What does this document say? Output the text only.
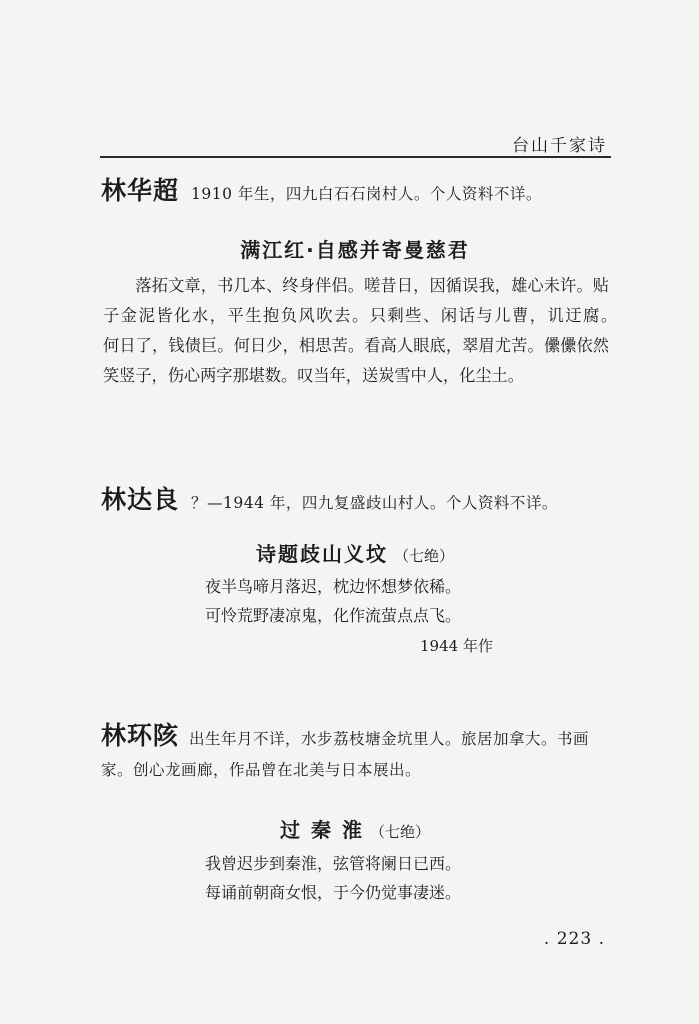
台山千家诗
林华超 1910 年生，四九白石石岗村人。个人资料不详。
满江红·自感并寄曼慈君

落拓文章，书几本、终身伴侣。嗟昔日，因循误我，雄心未许。贴子金泥皆化水，平生抱负风吹去。只剩些、闲话与儿曹，讥迂腐。　　何日了，钱债巨。何日少，相思苦。看高人眼底，翠眉尤苦。儽儽依然笑竖子，伤心两字那堪数。叹当年，送炭雪中人，化尘土。

林达良 ？—1944 年，四九复盛歧山村人。个人资料不详。
诗题歧山义坟 （七绝）
夜半鸟啼月落迟，枕边怀想梦依稀。
可怜荒野凄凉鬼，化作流萤点点飞。
1944 年作
林环陔 出生年月不详，水步荔枝塘金坑里人。旅居加拿大。书画家。创心龙画廊，作品曾在北美与日本展出。
过 秦 淮 （七绝）
我曾迟步到秦淮，弦管将阑日已西。
每诵前朝商女恨，于今仍觉事凄迷。
. 223 .
